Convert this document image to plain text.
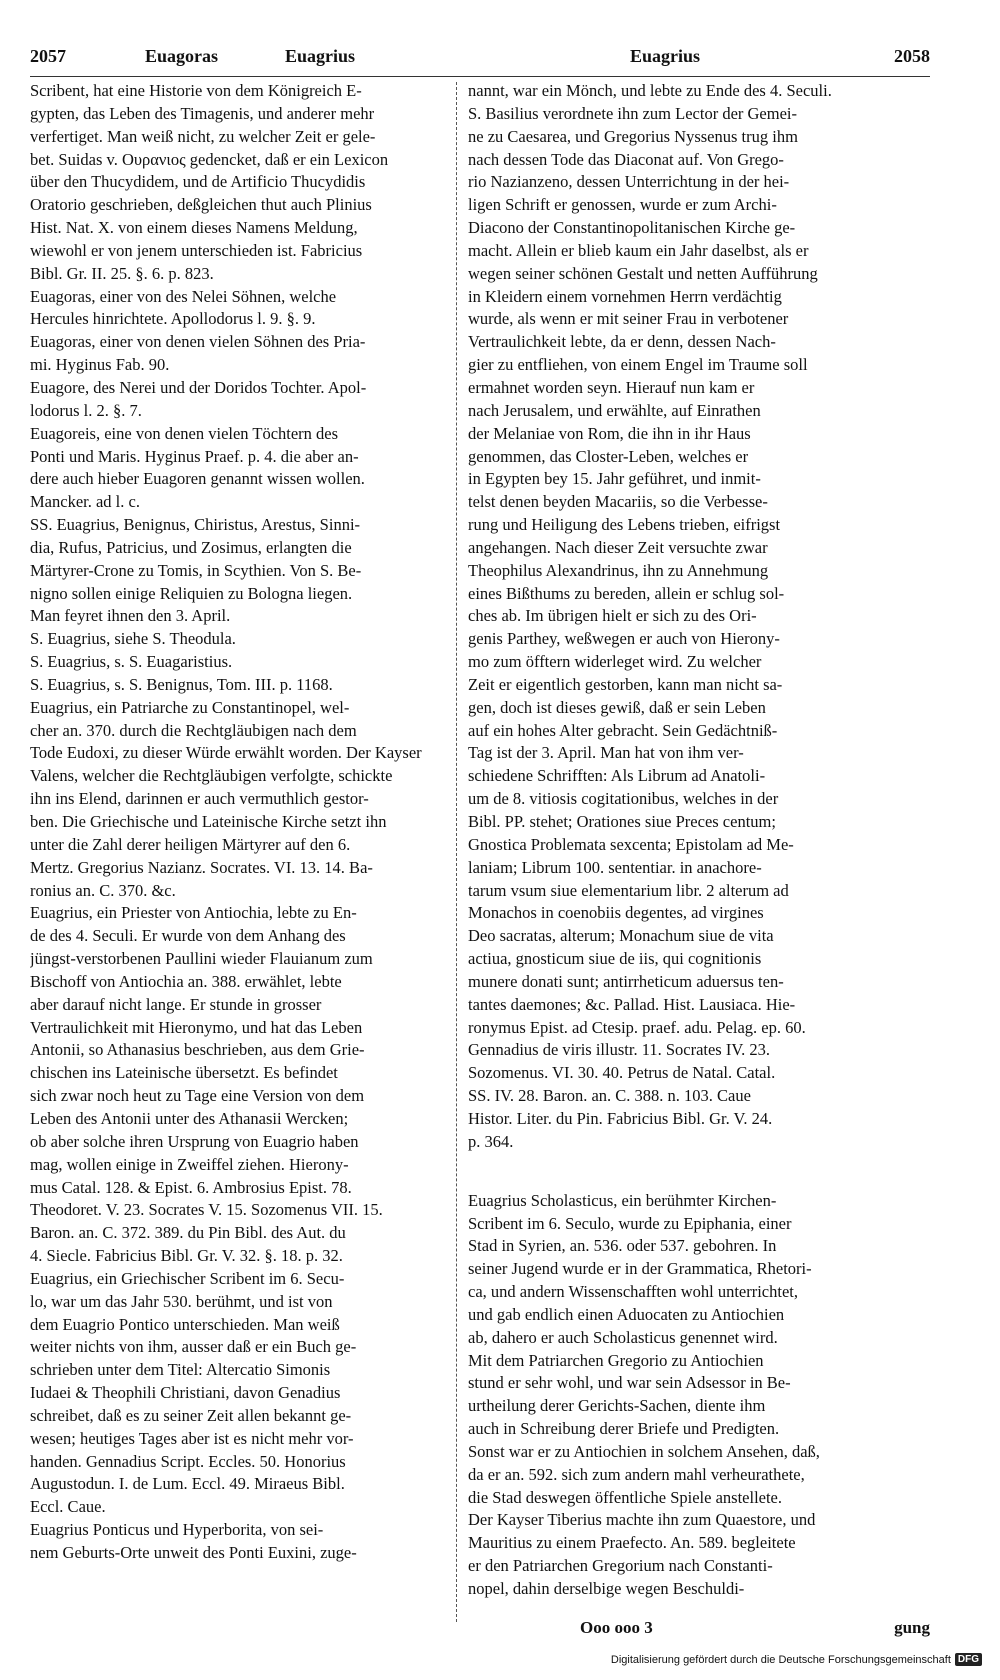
2057	Euagoras	Euagrius	Euagrius	2058
Scribent, hat eine Historie von dem Königreich E-
gypten, das Leben des Timagenis, und anderer mehr
verfertiget. Man weiß nicht, zu welcher Zeit er gele-
bet. Suidas v. Ουρανιος gedencket, daß er ein Lexicon
über den Thucydidem, und de Artificio Thucydidis
Oratorio geschrieben, deßgleichen thut auch Plinius
Hist. Nat. X. von einem dieses Namens Meldung,
wiewohl er von jenem unterschieden ist. Fabricius
Bibl. Gr. II. 25. §. 6. p. 823.
Euagoras, einer von des Nelei Söhnen, welche
Hercules hinrichtete. Apollodorus l. 9. §. 9.
Euagoras, einer von denen vielen Söhnen des Pria-
mi. Hyginus Fab. 90.
Euagore, des Nerei und der Doridos Tochter. Apol-
lodorus l. 2. §. 7.
Euagoreis, eine von denen vielen Töchtern des
Ponti und Maris. Hyginus Praef. p. 4. die aber an-
dere auch hieber Euagoren genannt wissen wollen.
Mancker. ad l. c.
SS. Euagrius, Benignus, Chiristus, Arestus, Sinni-
dia, Rufus, Patricius, und Zosimus, erlangten die
Märtyrer-Crone zu Tomis, in Scythien. Von S. Be-
nigno sollen einige Reliquien zu Bologna liegen.
Man feyret ihnen den 3. April.
S. Euagrius, siehe S. Theodula.
S. Euagrius, s. S. Euagaristius.
S. Euagrius, s. S. Benignus, Tom. III. p. 1168.
Euagrius, ein Patriarche zu Constantinopel, wel-
cher an. 370. durch die Rechtgläubigen nach dem
Tode Eudoxi, zu dieser Würde erwählt worden. Der Kayser
Valens, welcher die Rechtgläubigen verfolgte, schickte
ihn ins Elend, darinnen er auch vermuthlich gestor-
ben. Die Griechische und Lateinische Kirche setzt ihn
unter die Zahl derer heiligen Märtyrer auf den 6.
Mertz. Gregorius Nazianz. Socrates. VI. 13. 14. Ba-
ronius an. C. 370. &c.
Euagrius, ein Priester von Antiochia, lebte zu En-
de des 4. Seculi. Er wurde von dem Anhang des
jüngst-verstorbenen Paullini wieder Flauianum zum
Bischoff von Antiochia an. 388. erwählet, lebte
aber darauf nicht lange. Er stunde in grosser
Vertraulichkeit mit Hieronymo, und hat das Leben
Antonii, so Athanasius beschrieben, aus dem Grie-
chischen ins Lateinische übersetzt. Es befindet
sich zwar noch heut zu Tage eine Version von dem
Leben des Antonii unter des Athanasii Wercken;
ob aber solche ihren Ursprung von Euagrio haben
mag, wollen einige in Zweiffel ziehen. Hierony-
mus Catal. 128. & Epist. 6. Ambrosius Epist. 78.
Theodoret. V. 23. Socrates V. 15. Sozomenus VII. 15.
Baron. an. C. 372. 389. du Pin Bibl. des Aut. du
4. Siecle. Fabricius Bibl. Gr. V. 32. §. 18. p. 32.
Euagrius, ein Griechischer Scribent im 6. Secu-
lo, war um das Jahr 530. berühmt, und ist von
dem Euagrio Pontico unterschieden. Man weiß
weiter nichts von ihm, ausser daß er ein Buch ge-
schrieben unter dem Titel: Altercatio Simonis
Iudaei & Theophili Christiani, davon Genadius
schreibet, daß es zu seiner Zeit allen bekannt ge-
wesen; heutiges Tages aber ist es nicht mehr vor-
handen. Gennadius Script. Eccles. 50. Honorius
Augustodun. I. de Lum. Eccl. 49. Miraeus Bibl.
Eccl. Caue.
Euagrius Ponticus und Hyperborita, von sei-
nem Geburts-Orte unweit des Ponti Euxini, zuge-
nannt, war ein Mönch, und lebte zu Ende des 4. Seculi.
S. Basilius verordnete ihn zum Lector der Gemei-
ne zu Caesarea, und Gregorius Nyssenus trug ihm
nach dessen Tode das Diaconat auf. Von Grego-
rio Nazianzeno, dessen Unterrichtung in der hei-
ligen Schrift er genossen, wurde er zum Archi-
Diacono der Constantinopolitanischen Kirche ge-
macht. Allein er blieb kaum ein Jahr daselbst, als er
wegen seiner schönen Gestalt und netten Aufführung
in Kleidern einem vornehmen Herrn verdächtig
wurde, als wenn er mit seiner Frau in verbotener
Vertraulichkeit lebte, da er denn, dessen Nach-
gier zu entfliehen, von einem Engel im Traume soll
ermahnet worden seyn. Hierauf nun kam er
nach Jerusalem, und erwählte, auf Einrathen
der Melaniae von Rom, die ihn in ihr Haus
genommen, das Closter-Leben, welches er
in Egypten bey 15. Jahr geführet, und inmit-
telst denen beyden Macariis, so die Verbesse-
rung und Heiligung des Lebens trieben, eifrigst
angehangen. Nach dieser Zeit versuchte zwar
Theophilus Alexandrinus, ihn zu Annehmung
eines Bißthums zu bereden, allein er schlug sol-
ches ab. Im übrigen hielt er sich zu des Ori-
genis Parthey, weßwegen er auch von Hierony-
mo zum öfftern widerleget wird. Zu welcher
Zeit er eigentlich gestorben, kann man nicht sa-
gen, doch ist dieses gewiß, daß er sein Leben
auf ein hohes Alter gebracht. Sein Gedächtniß-
Tag ist der 3. April. Man hat von ihm ver-
schiedene Schrifften: Als Librum ad Anatoli-
um de 8. vitiosis cogitationibus, welches in der
Bibl. PP. stehet; Orationes siue Preces centum;
Gnostica Problemata sexcenta; Epistolam ad Me-
laniam; Librum 100. sententiar. in anachore-
tarum vsum siue elementarium libr. 2 alterum ad
Monachos in coenobiis degentes, ad virgines
Deo sacratas, alterum; Monachum siue de vita
actiua, gnosticum siue de iis, qui cognitionis
munere donati sunt; antirrheticum aduersus ten-
tantes daemones; &c. Pallad. Hist. Lausiaca. Hie-
ronymus Epist. ad Ctesip. praef. adu. Pelag. ep. 60.
Gennadius de viris illustr. 11. Socrates IV. 23.
Sozomenus. VI. 30. 40. Petrus de Natal. Catal.
SS. IV. 28. Baron. an. C. 388. n. 103. Caue
Histor. Liter. du Pin. Fabricius Bibl. Gr. V. 24.
p. 364.
Euagrius Scholasticus, ein berühmter Kirchen-
Scribent im 6. Seculo, wurde zu Epiphania, einer
Stad in Syrien, an. 536. oder 537. gebohren. In
seiner Jugend wurde er in der Grammatica, Rhetori-
ca, und andern Wissenschafften wohl unterrichtet,
und gab endlich einen Aduocaten zu Antiochien
ab, dahero er auch Scholasticus genennet wird.
Mit dem Patriarchen Gregorio zu Antiochien
stund er sehr wohl, und war sein Adsessor in Be-
urtheilung derer Gerichts-Sachen, diente ihm
auch in Schreibung derer Briefe und Predigten.
Sonst war er zu Antiochien in solchem Ansehen, daß,
da er an. 592. sich zum andern mahl verheurathete,
die Stad deswegen öffentliche Spiele anstellete.
Der Kayser Tiberius machte ihn zum Quaestore, und
Mauritius zu einem Praefecto. An. 589. begleitete
er den Patriarchen Gregorium nach Constanti-
nopel, dahin derselbige wegen Beschuldi-
Ooo ooo 3	gung
Digitalisierung gefördert durch die Deutsche Forschungsgemeinschaft DFG
